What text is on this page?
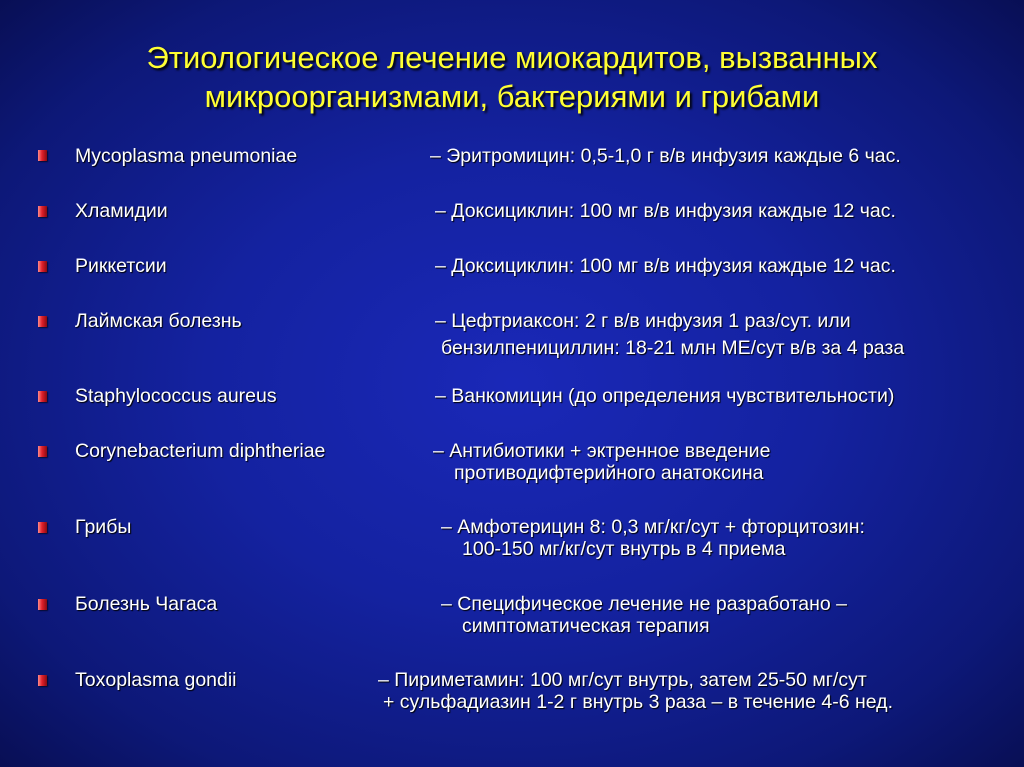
Этиологическое лечение миокардитов, вызванных
микроорганизмами, бактериями и грибами
Mycoplasma pneumoniae	– Эритромицин: 0,5-1,0 г в/в инфузия каждые 6 час.
Хламидии	– Доксициклин: 100 мг в/в инфузия каждые 12 час.
Риккетсии	– Доксициклин: 100 мг в/в инфузия каждые 12 час.
Лаймская болезнь	– Цефтриаксон: 2 г в/в инфузия 1 раз/сут. или
бензилпенициллин: 18-21 млн МЕ/сут в/в за 4 раза
Staphylococcus aureus	– Ванкомицин (до определения чувствительности)
Corynebacterium diphtheriae	– Антибиотики + эктренное введение
противодифтерийного анатоксина
Грибы	– Амфотерицин 8: 0,3 мг/кг/сут + фторцитозин:
100-150 мг/кг/сут внутрь в 4 приема
Болезнь Чагаса	– Специфическое лечение не разработано –
симптоматическая терапия
Toxoplasma gondii	– Пириметамин: 100 мг/сут внутрь, затем 25-50 мг/сут
+ сульфадиазин 1-2 г внутрь 3 раза – в течение 4-6 нед.
